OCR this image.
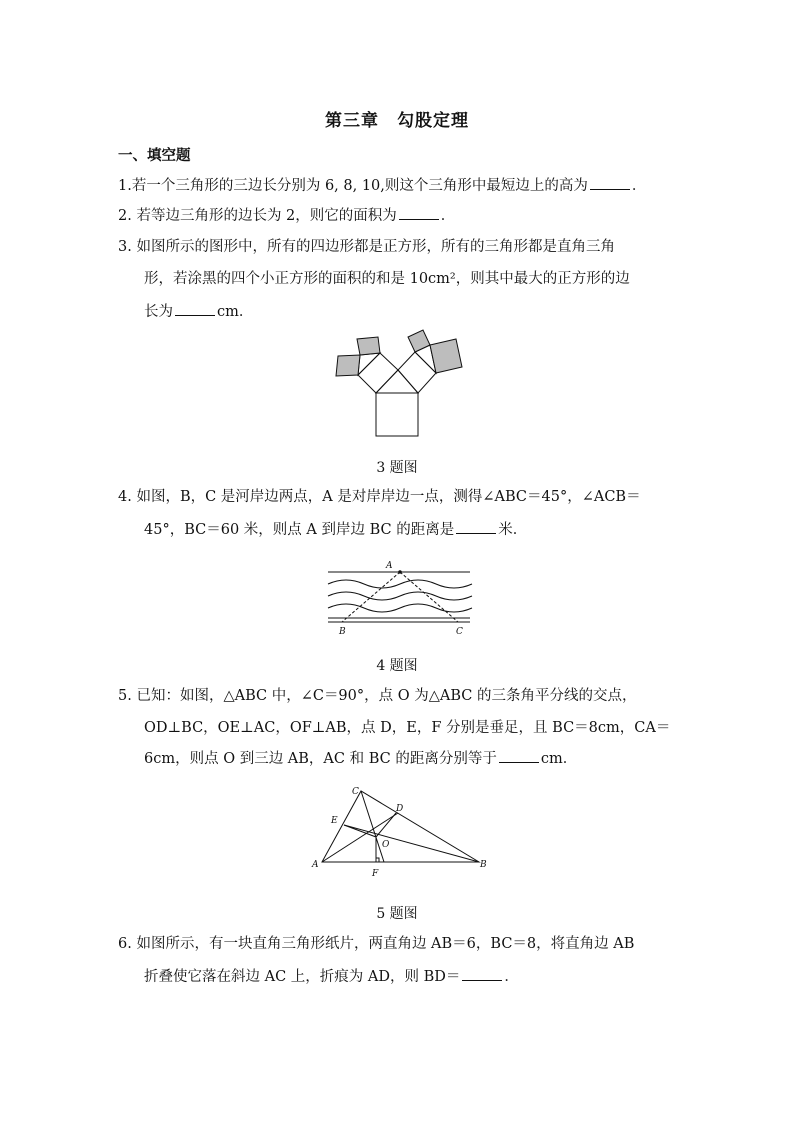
第三章　勾股定理
一、填空题
1.若一个三角形的三边长分别为 6, 8, 10,则这个三角形中最短边上的高为	．
2. 若等边三角形的边长为 2，则它的面积为	．
3. 如图所示的图形中，所有的四边形都是正方形，所有的三角形都是直角三角
形，若涂黑的四个小正方形的面积的和是 10cm²，则其中最大的正方形的边
长为	cm．
3 题图
4. 如图，B，C 是河岸边两点，A 是对岸岸边一点，测得∠ABC＝45°，∠ACB＝
45°，BC＝60 米，则点 A 到岸边 BC 的距离是	米．
A
B	C
4 题图
5. 已知：如图，△ABC 中，∠C＝90°，点 O 为△ABC 的三条角平分线的交点，
OD⊥BC，OE⊥AC，OF⊥AB，点 D，E，F 分别是垂足，且 BC＝8cm，CA＝
6cm，则点 O 到三边 AB，AC 和 BC 的距离分别等于	cm．
C
D
E
O
A	B
F
5 题图
6. 如图所示，有一块直角三角形纸片，两直角边 AB＝6，BC＝8，将直角边 AB
折叠使它落在斜边 AC 上，折痕为 AD，则 BD＝	．
